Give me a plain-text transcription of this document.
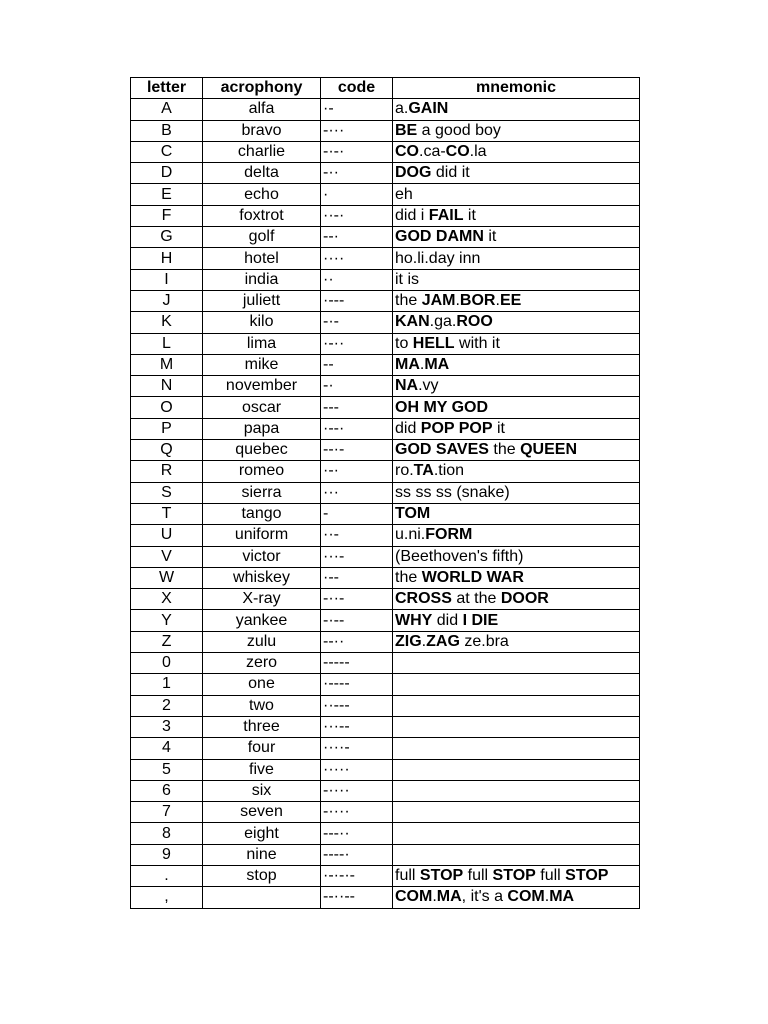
letter	acrophony	code	mnemonic
A	alfa	·-	a.GAIN
B	bravo	-···	BE a good boy
C	charlie	-·-·	CO.ca-CO.la
D	delta	-··	DOG did it
E	echo	·	eh
F	foxtrot	··-·	did i FAIL it
G	golf	--·	GOD DAMN it
H	hotel	····	ho.li.day inn
I	india	··	it is
J	juliett	·---	the JAM.BOR.EE
K	kilo	-·-	KAN.ga.ROO
L	lima	·-··	to HELL with it
M	mike	--	MA.MA
N	november	-·	NA.vy
O	oscar	---	OH MY GOD
P	papa	·--·	did POP POP it
Q	quebec	--·-	GOD SAVES the QUEEN
R	romeo	·-·	ro.TA.tion
S	sierra	···	ss ss ss (snake)
T	tango	-	TOM
U	uniform	··-	u.ni.FORM
V	victor	···-	(Beethoven's fifth)
W	whiskey	·--	the WORLD WAR
X	X-ray	-··-	CROSS at the DOOR
Y	yankee	-·--	WHY did I DIE
Z	zulu	--··	ZIG.ZAG ze.bra
0	zero	-----	
1	one	·----	
2	two	··---	
3	three	···--	
4	four	····-	
5	five	·····	
6	six	-····	
7	seven	-····	
8	eight	---··	
9	nine	----·	
.	stop	·-·-·-	full STOP full STOP full STOP
,		--··--	COM.MA, it's a COM.MA
